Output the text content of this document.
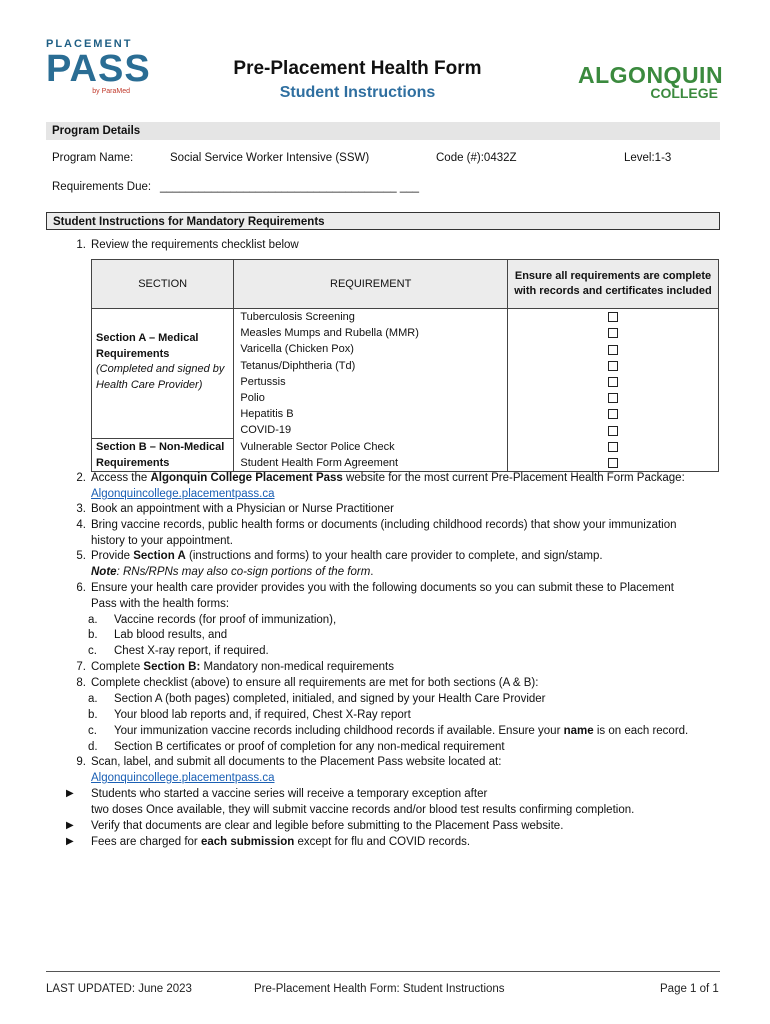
PLACEMENT
PASS
by ParaMed
Pre-Placement Health Form
Student Instructions
ALGONQUIN
COLLEGE
Program Details
Program Name:	Social Service Worker Intensive (SSW)	Code (#):0432Z	Level:1-3
Requirements Due: _____________________________________ ___
Student Instructions for Mandatory Requirements
1. Review the requirements checklist below
SECTION	REQUIREMENT	Ensure all requirements are complete with records and certificates included

Section A – Medical Requirements
(Completed and signed by Health Care Provider)	Tuberculosis Screening	
	Measles Mumps and Rubella (MMR)	
	Varicella (Chicken Pox)	
	Tetanus/Diphtheria (Td)	
	Pertussis	
	Polio	
	Hepatitis B	
	COVID-19	

Section B – Non-Medical Requirements	Vulnerable Sector Police Check	
	Student Health Form Agreement	
2. Access the Algonquin College Placement Pass website for the most current Pre-Placement Health Form Package:
Algonquincollege.placementpass.ca
3. Book an appointment with a Physician or Nurse Practitioner
4. Bring vaccine records, public health forms or documents (including childhood records) that show your immunization
history to your appointment.
5. Provide Section A (instructions and forms) to your health care provider to complete, and sign/stamp.
Note: RNs/RPNs may also co-sign portions of the form.
6. Ensure your health care provider provides you with the following documents so you can submit these to Placement
Pass with the health forms:
a.	Vaccine records (for proof of immunization),
b.	Lab blood results, and
c.	Chest X-ray report, if required.
7. Complete Section B: Mandatory non-medical requirements
8. Complete checklist (above) to ensure all requirements are met for both sections (A & B):
a.	Section A (both pages) completed, initialed, and signed by your Health Care Provider
b.	Your blood lab reports and, if required, Chest X-Ray report
c.	Your immunization vaccine records including childhood records if available. Ensure your name is on each record.
d.	Section B certificates or proof of completion for any non-medical requirement
9. Scan, label, and submit all documents to the Placement Pass website located at:
Algonquincollege.placementpass.ca
▶	Students who started a vaccine series will receive a temporary exception after
two doses Once available, they will submit vaccine records and/or blood test results confirming completion.
▶	Verify that documents are clear and legible before submitting to the Placement Pass website.
▶	Fees are charged for each submission except for flu and COVID records.
LAST UPDATED: June 2023	Pre-Placement Health Form: Student Instructions	Page 1 of 1
